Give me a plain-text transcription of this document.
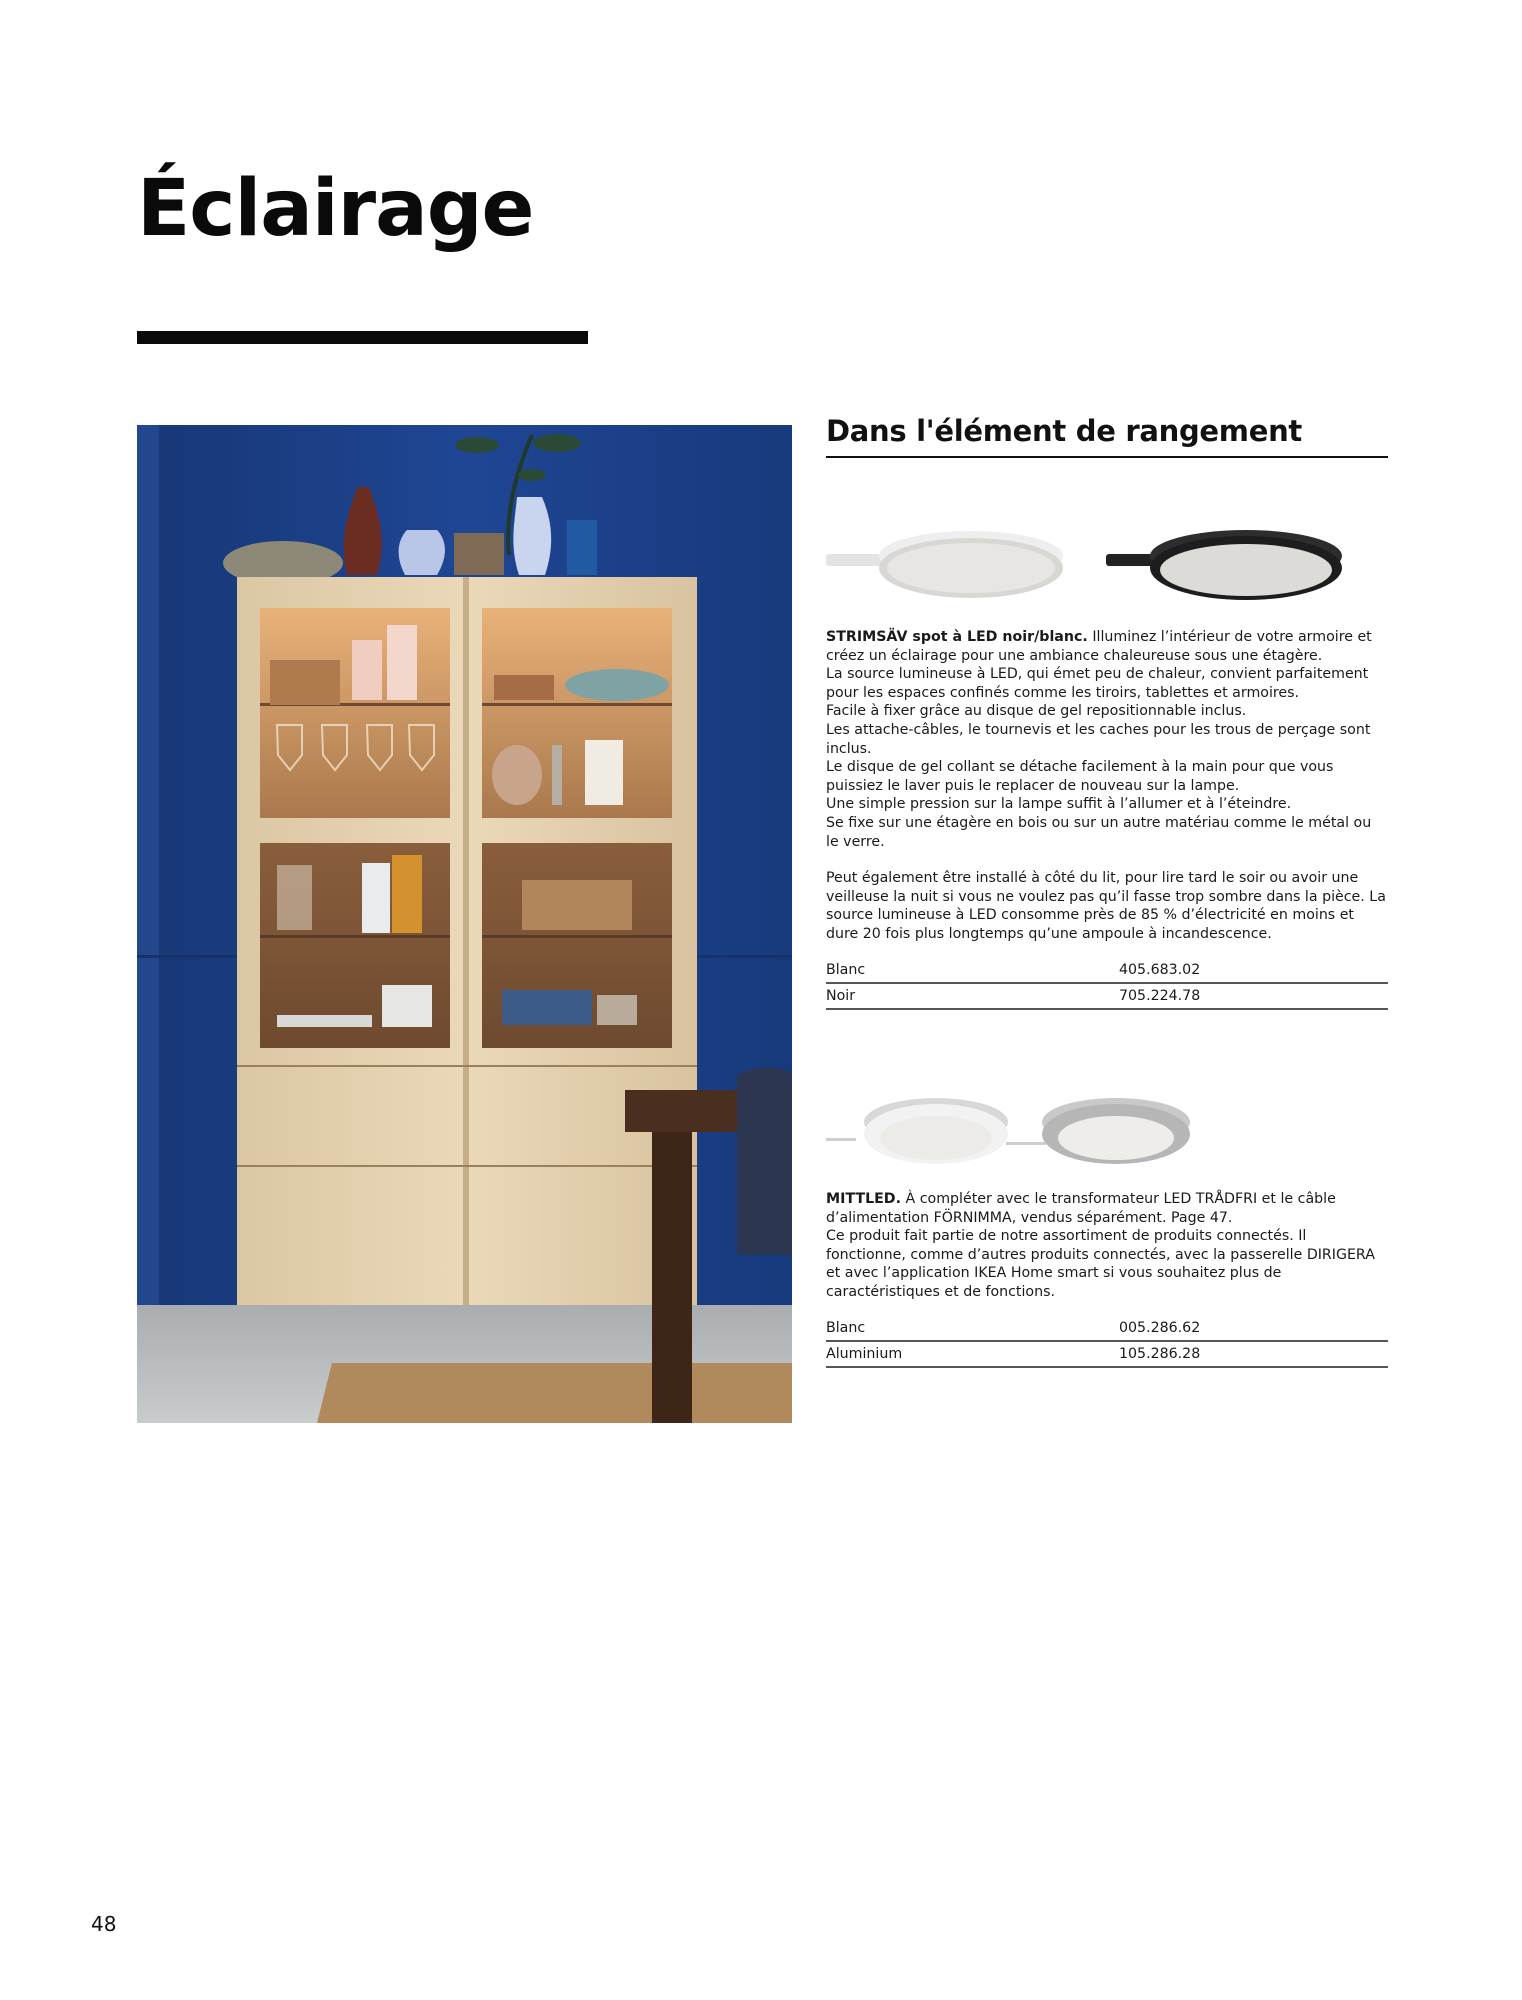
Éclairage
Dans l'élément de rangement

STRIMSÄV spot à LED noir/blanc. Illuminez l’intérieur de votre armoire et créez un éclairage pour une ambiance chaleureuse sous une étagère.

La source lumineuse à LED, qui émet peu de chaleur, convient parfaitement pour les espaces confinés comme les tiroirs, tablettes et armoires.

Facile à fixer grâce au disque de gel repositionnable inclus.

Les attache-câbles, le tournevis et les caches pour les trous de perçage sont inclus.

Le disque de gel collant se détache facilement à la main pour que vous puissiez le laver puis le replacer de nouveau sur la lampe.

Une simple pression sur la lampe suffit à l’allumer et à l’éteindre.

Se fixe sur une étagère en bois ou sur un autre matériau comme le métal ou le verre.

Peut également être installé à côté du lit, pour lire tard le soir ou avoir une veilleuse la nuit si vous ne voulez pas qu’il fasse trop sombre dans la pièce. La source lumineuse à LED consomme près de 85 % d’électricité en moins et dure 20 fois plus longtemps qu’une ampoule à incandescence.

Blanc	405.683.02
Noir	705.224.78

MITTLED. À compléter avec le transformateur LED TRÅDFRI et le câble d’alimentation FÖRNIMMA, vendus séparément. Page 47.

Ce produit fait partie de notre assortiment de produits connectés. Il fonctionne, comme d’autres produits connectés, avec la passerelle DIRIGERA et avec l’application IKEA Home smart si vous souhaitez plus de caractéristiques et de fonctions.

Blanc	005.286.62
Aluminium	105.286.28
48
